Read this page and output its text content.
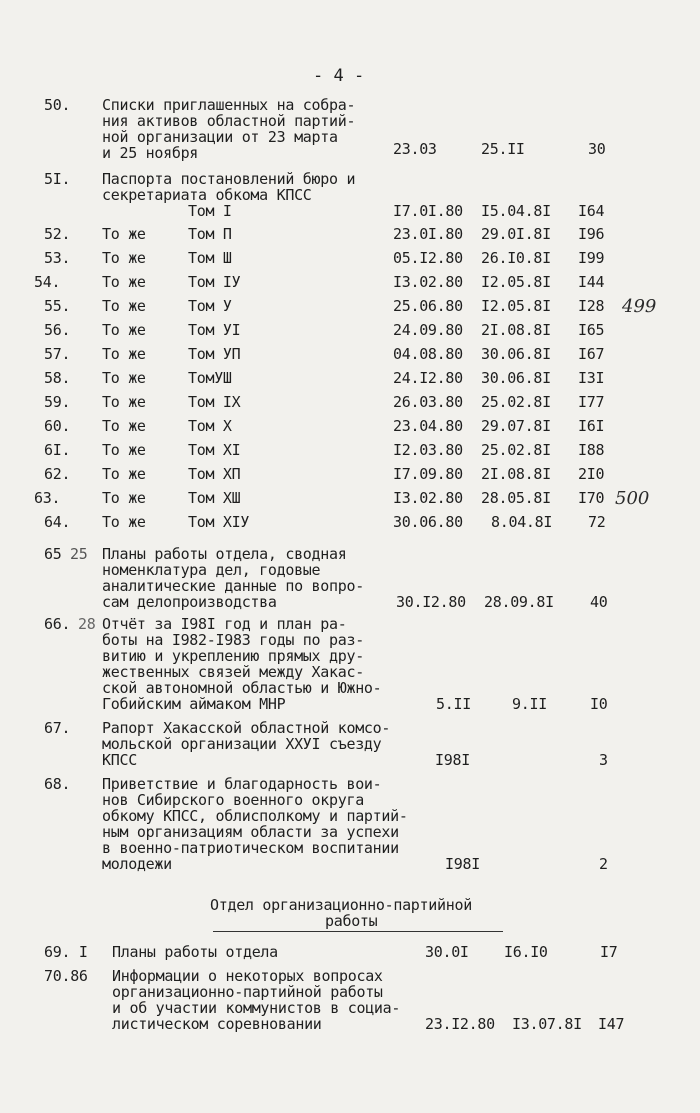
- 4 -
50. Списки приглашенных на собра-
ния активов областной партий-
ной организации от 23 марта
и 25 ноября	23.03	25.II	30
5I. Паспорта постановлений бюро и
секретариата обкома КПСС
Том I	I7.0I.80 I5.04.8I I64
52. То же	Том П	23.0I.80 29.0I.8I I96
53. То же	Том Ш	05.I2.80 26.I0.8I I99
54.	То же	Том IУ	I3.02.80 I2.05.8I I44
55. То же	Том У	25.06.80 I2.05.8I I28 499
56. То же	Том УI	24.09.80 2I.08.8I I65
57. То же	Том УП	04.08.80 30.06.8I I67
58. То же	ТомУШ	24.I2.80 30.06.8I I3I
59. То же	Том IX	26.03.80 25.02.8I I77
60. То же	Том X	23.04.80 29.07.8I I6I
6I. То же	Том XI	I2.03.80 25.02.8I I88
62. То же	Том XП	I7.09.80 2I.08.8I 2I0
63.	То же	Том XШ	I3.02.80 28.05.8I I70 500
64. То же	Том XIУ	30.06.80 8.04.8I 72
65 25 Планы работы отдела, сводная
номенклатура дел, годовые
аналитические данные по вопро-
сам делопроизводства	30.I2.80 28.09.8I 40
66. 28 Отчёт за I98I год и план ра-
боты на I982-I983 годы по раз-
витию и укреплению прямых дру-
жественных связей между Хакас-
ской автономной областью и Южно-
Гобийским аймаком МНР	5.II	9.II	I0
67. Рапорт Хакасской областной комсо-
мольской организации XXУI съезду
КПСС	I98I	3
68. Приветствие и благодарность вои-
нов Сибирского военного округа
обкому КПСС, облисполкому и партий-
ным организациям области за успехи
в военно-патриотическом воспитании
молодежи	I98I	2
Отдел организационно-партийной
работы
69. I Планы работы отдела	30.0I I6.I0	I7
70.86 Информации о некоторых вопросах
организационно-партийной работы
и об участии коммунистов в социа-
листическом соревновании	23.I2.80 I3.07.8I I47
